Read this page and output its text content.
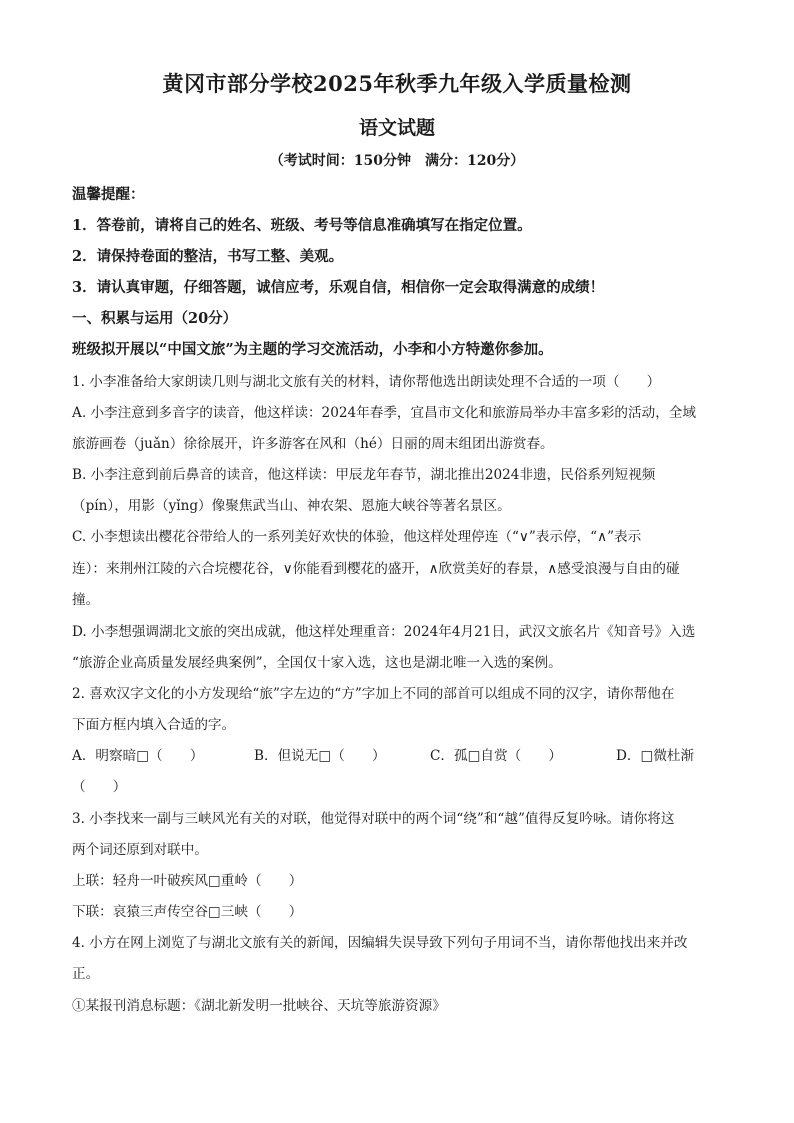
黄冈市部分学校2025年秋季九年级入学质量检测
语文试题
（考试时间：150分钟　满分：120分）
温馨提醒：
1．答卷前，请将自己的姓名、班级、考号等信息准确填写在指定位置。
2．请保持卷面的整洁，书写工整、美观。
3．请认真审题，仔细答题，诚信应考，乐观自信，相信你一定会取得满意的成绩！
一、积累与运用（20分）
班级拟开展以“中国文旅”为主题的学习交流活动，小李和小方特邀你参加。
1. 小李准备给大家朗读几则与湖北文旅有关的材料，请你帮他选出朗读处理不合适的一项（　　）
A. 小李注意到多音字的读音，他这样读：2024年春季，宜昌市文化和旅游局举办丰富多彩的活动，全域
旅游画卷（juǎn）徐徐展开，许多游客在风和（hé）日丽的周末组团出游赏春。
B. 小李注意到前后鼻音的读音，他这样读：甲辰龙年春节，湖北推出2024非遗，民俗系列短视频
（pín），用影（yǐng）像聚焦武当山、神农架、恩施大峡谷等著名景区。
C. 小李想读出樱花谷带给人的一系列美好欢快的体验，他这样处理停连（“∨”表示停，“∧”表示
连）：来荆州江陵的六合垸樱花谷，∨你能看到樱花的盛开，∧欣赏美好的春景，∧感受浪漫与自由的碰
撞。
D. 小李想强调湖北文旅的突出成就，他这样处理重音：2024年4月21日，武汉文旅名片《知音号》入选
“旅游企业高质量发展经典案例”，全国仅十家入选，这也是湖北唯一入选的案例。
2. 喜欢汉字文化的小方发现给“旅”字左边的“方”字加上不同的部首可以组成不同的汉字，请你帮他在
下面方框内填入合适的字。
A．明察暗□（　　）	B．但说无□（　　）	C．孤□自赏（　　）	D．□微杜渐
（　　）
3. 小李找来一副与三峡风光有关的对联，他觉得对联中的两个词“绕”和“越”值得反复吟咏。请你将这
两个词还原到对联中。
上联：轻舟一叶破疾风□重岭（　　）
下联：哀猿三声传空谷□三峡（　　）
4. 小方在网上浏览了与湖北文旅有关的新闻，因编辑失误导致下列句子用词不当，请你帮他找出来并改
正。
①某报刊消息标题：《湖北新发明一批峡谷、天坑等旅游资源》
